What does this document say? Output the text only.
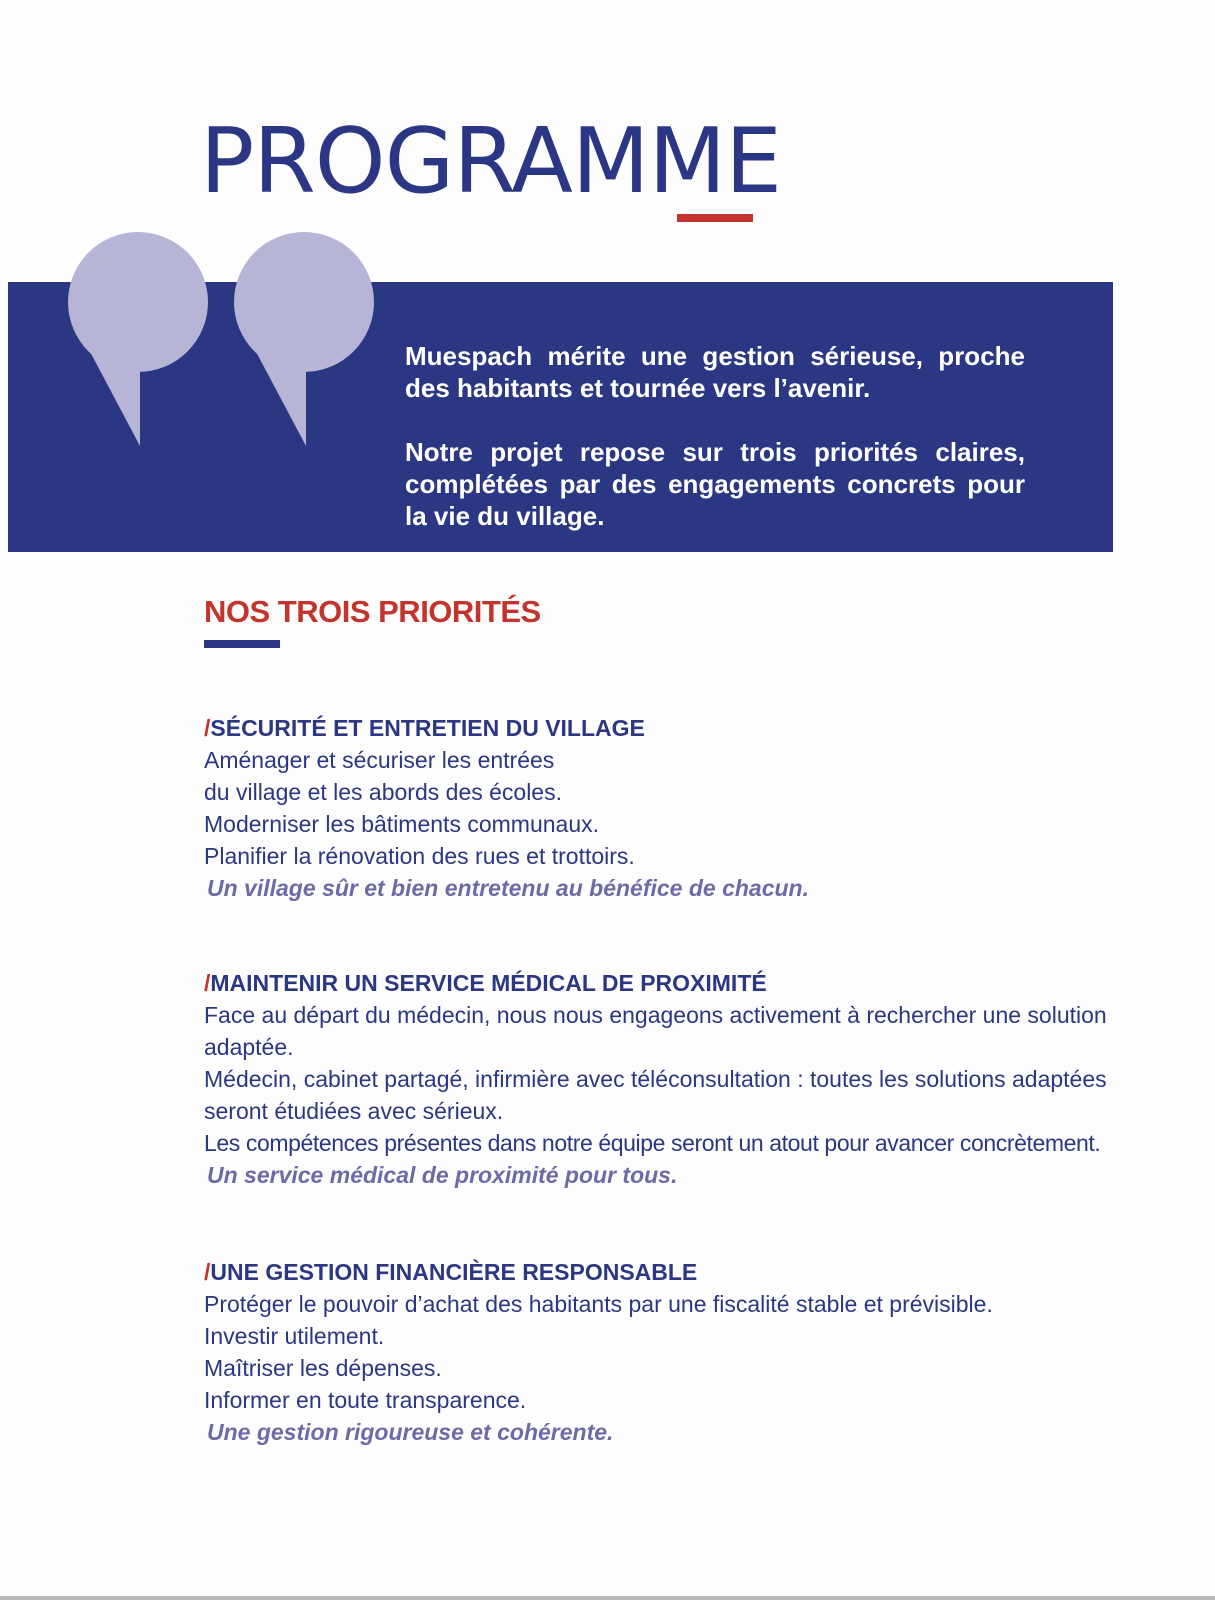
PROGRAMME

Muespach mérite une gestion sérieuse, proche des habitants et tournée vers l’avenir.

Notre projet repose sur trois priorités claires, complétées par des engagements concrets pour la vie du village.

NOS TROIS PRIORITÉS
/SÉCURITÉ ET ENTRETIEN DU VILLAGE

Aménager et sécuriser les entrées

du village et les abords des écoles.

Moderniser les bâtiments communaux.

Planifier la rénovation des rues et trottoirs.

Un village sûr et bien entretenu au bénéfice de chacun.

/MAINTENIR UN SERVICE MÉDICAL DE PROXIMITÉ

Face au départ du médecin, nous nous engageons activement à rechercher une solution adaptée.

Médecin, cabinet partagé, infirmière avec téléconsultation : toutes les solutions adaptées seront étudiées avec sérieux.

Les compétences présentes dans notre équipe seront un atout pour avancer concrètement.

Un service médical de proximité pour tous.

/UNE GESTION FINANCIÈRE RESPONSABLE

Protéger le pouvoir d’achat des habitants par une fiscalité stable et prévisible.

Investir utilement.

Maîtriser les dépenses.

Informer en toute transparence.

Une gestion rigoureuse et cohérente.
